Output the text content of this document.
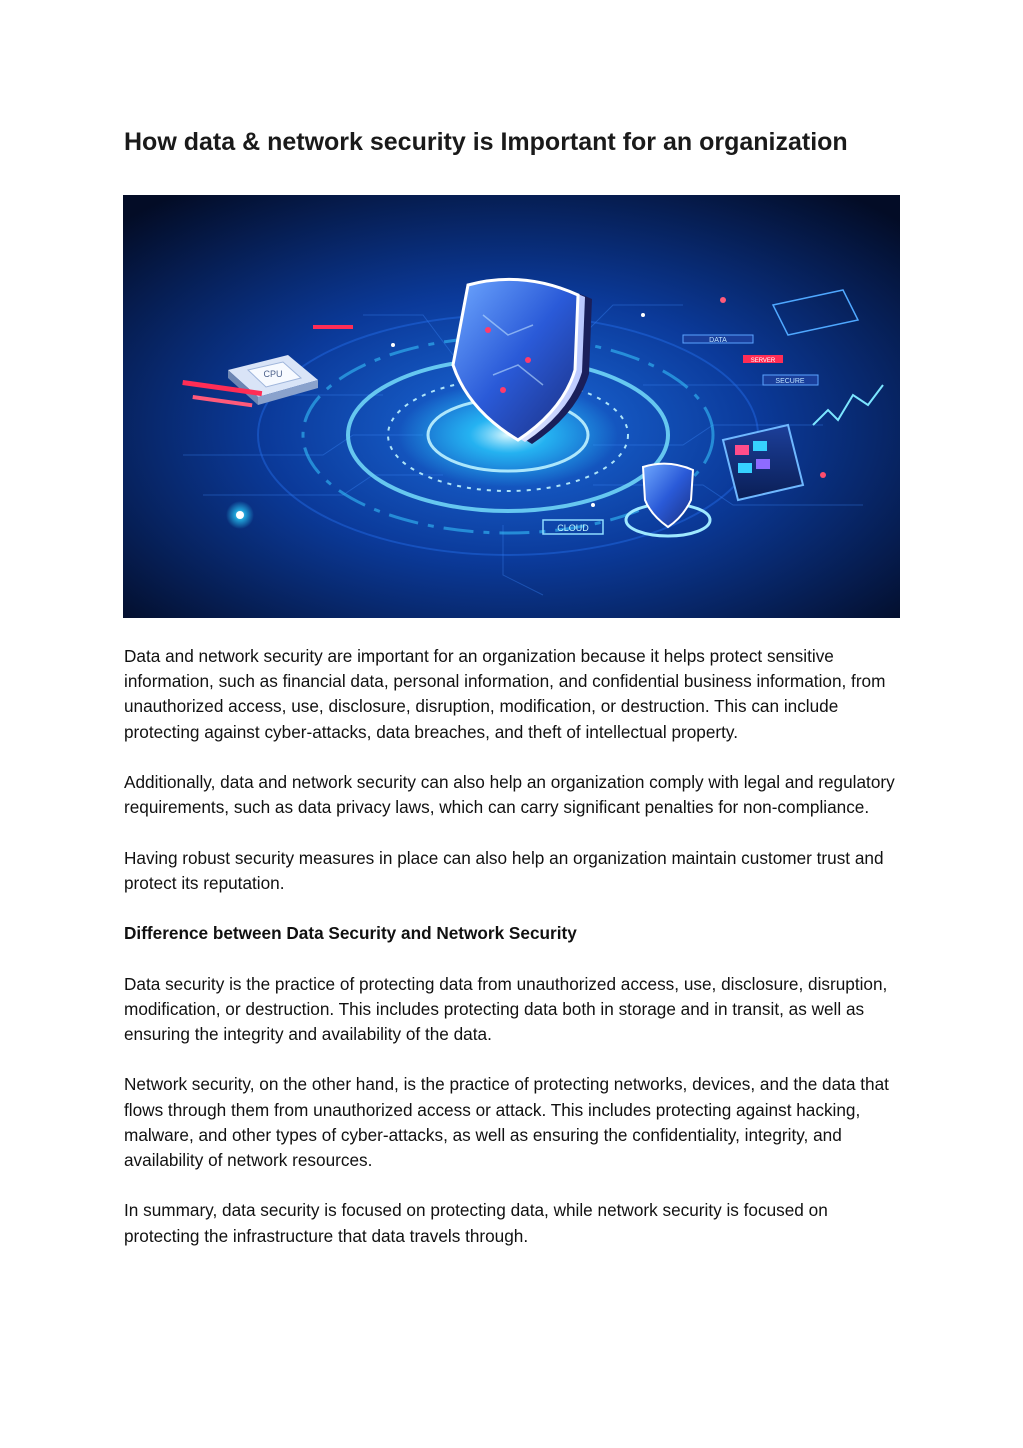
How data & network security is Important for an organization
CPU
DATA
SECURE
SERVER
CLOUD

Data and network security are important for an organization because it helps protect sensitive information, such as financial data, personal information, and confidential business information, from unauthorized access, use, disclosure, disruption, modification, or destruction. This can include protecting against cyber-attacks, data breaches, and theft of intellectual property.

Additionally, data and network security can also help an organization comply with legal and regulatory requirements, such as data privacy laws, which can carry significant penalties for non-compliance.

Having robust security measures in place can also help an organization maintain customer trust and protect its reputation.

Difference between Data Security and Network Security

Data security is the practice of protecting data from unauthorized access, use, disclosure, disruption, modification, or destruction. This includes protecting data both in storage and in transit, as well as ensuring the integrity and availability of the data.

Network security, on the other hand, is the practice of protecting networks, devices, and the data that flows through them from unauthorized access or attack. This includes protecting against hacking, malware, and other types of cyber-attacks, as well as ensuring the confidentiality, integrity, and availability of network resources.

In summary, data security is focused on protecting data, while network security is focused on protecting the infrastructure that data travels through.
